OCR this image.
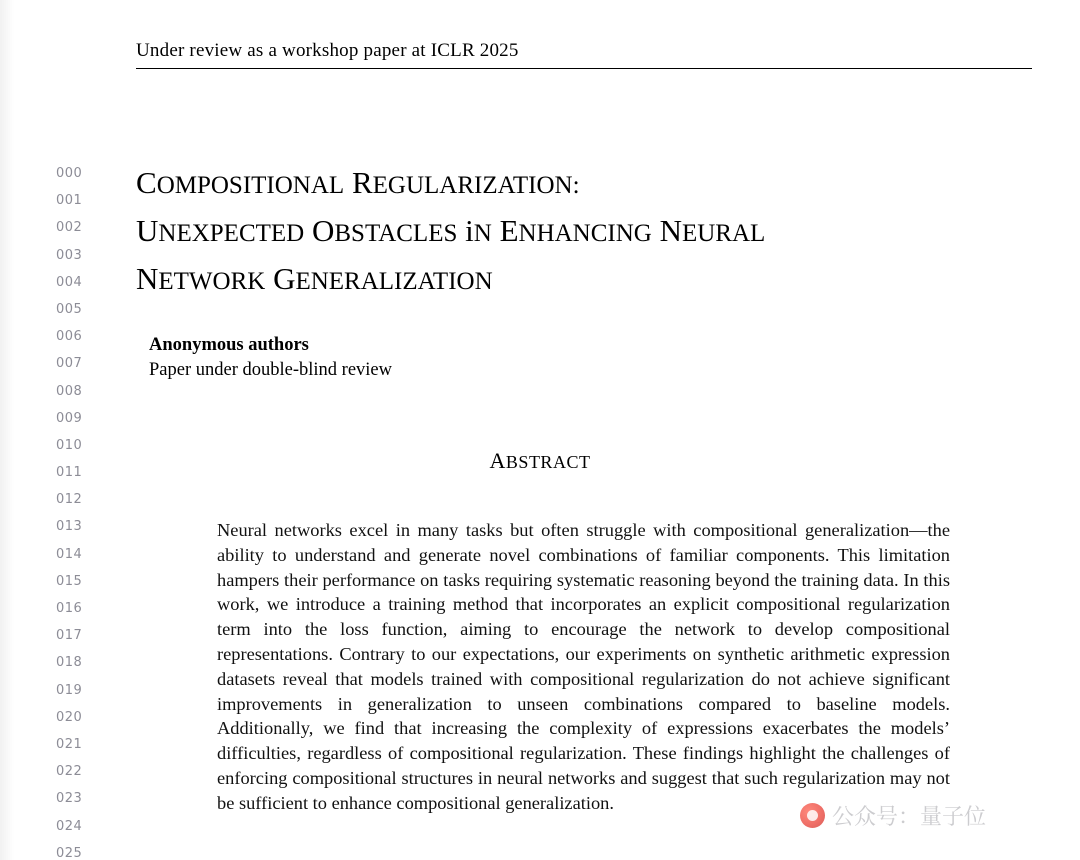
Under review as a workshop paper at ICLR 2025
000
001
002
003
004
005
006
007
008
009
010
011
012
013
014
015
016
017
018
019
020
021
022
023
024
025
COMPOSITIONAL REGULARIZATION:
UNEXPECTED OBSTACLES iN ENHANCING NEURAL
NETWORK GENERALIZATION
Anonymous authors
Paper under double-blind review
ABSTRACT

Neural networks excel in many tasks but often struggle with compositional generalization—the ability to understand and generate novel combinations of familiar components. This limitation hampers their performance on tasks requiring systematic reasoning beyond the training data. In this work, we introduce a training method that incorporates an explicit compositional regularization term into the loss function, aiming to encourage the network to develop compositional representations. Contrary to our expectations, our experiments on synthetic arithmetic expression datasets reveal that models trained with compositional regularization do not achieve significant improvements in generalization to unseen combinations compared to baseline models. Additionally, we find that increasing the complexity of expressions exacerbates the models’ difficulties, regardless of compositional regularization. These findings highlight the challenges of enforcing compositional structures in neural networks and suggest that such regularization may not be sufficient to enhance compositional generalization.

公众号：量子位
